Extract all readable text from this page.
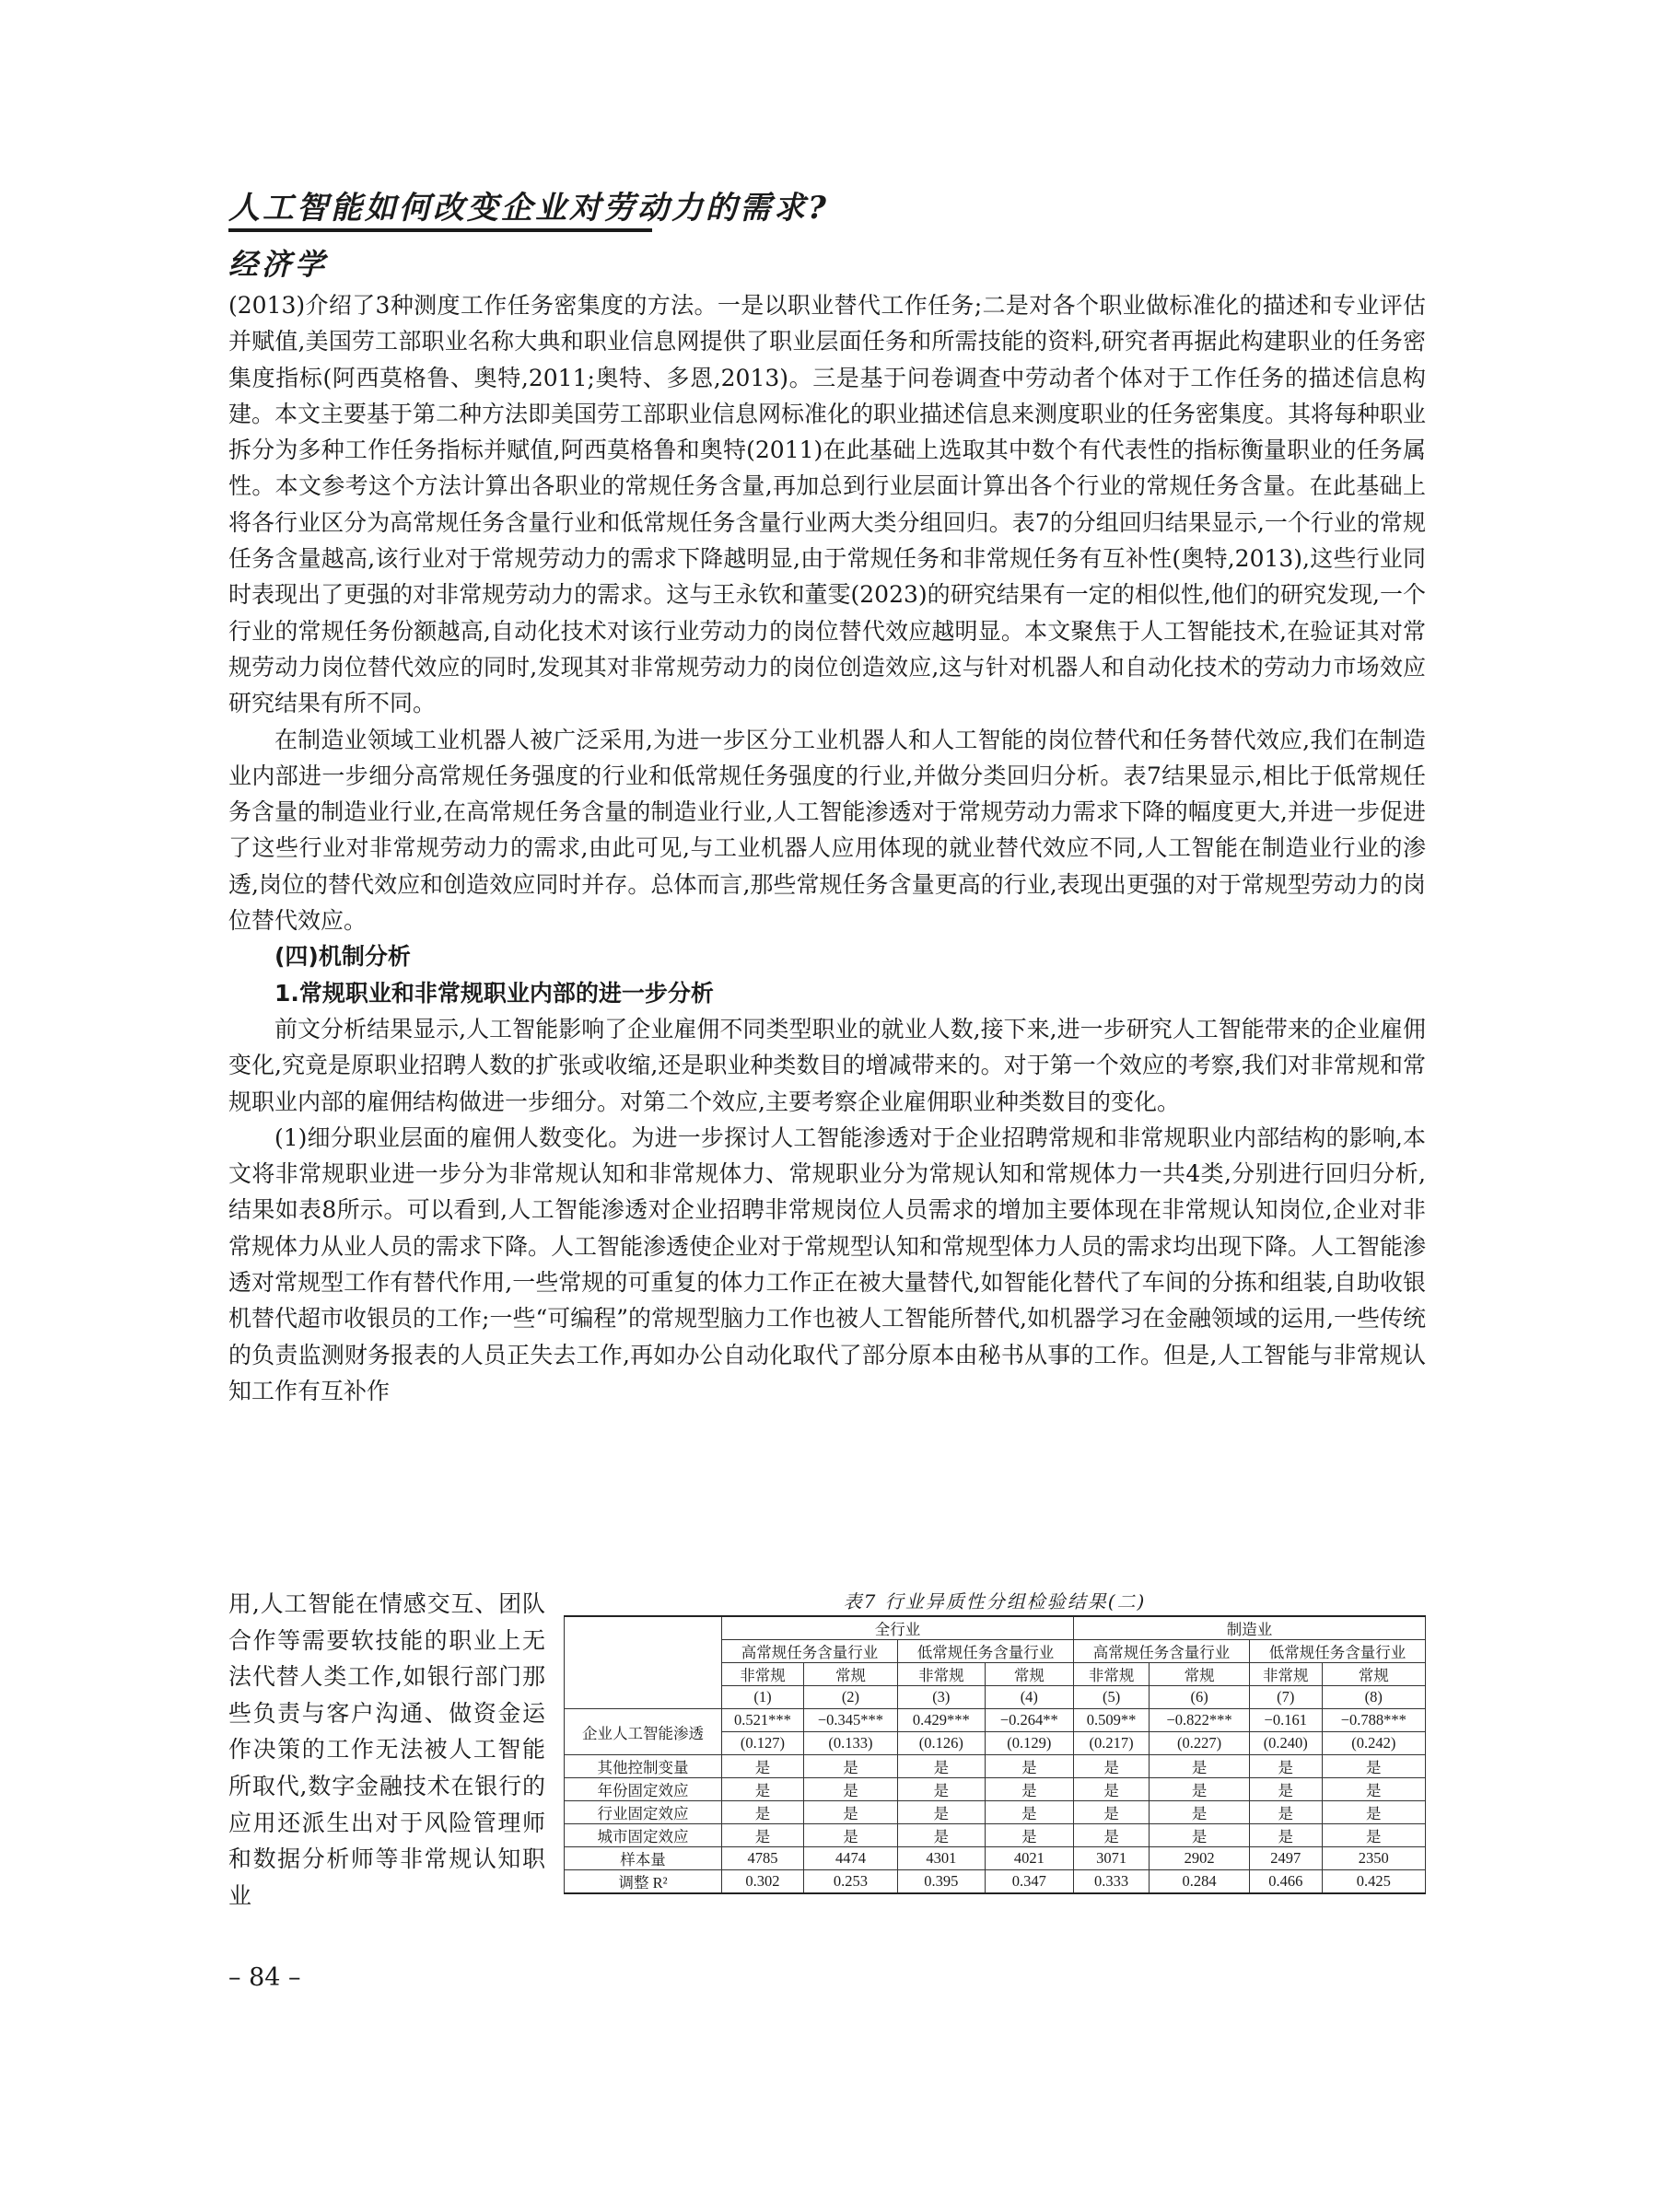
人工智能如何改变企业对劳动力的需求?
经济学

(2013)介绍了3种测度工作任务密集度的方法。一是以职业替代工作任务;二是对各个职业做标准化的描述和专业评估并赋值,美国劳工部职业名称大典和职业信息网提供了职业层面任务和所需技能的资料,研究者再据此构建职业的任务密集度指标(阿西莫格鲁、奥特,2011;奥特、多恩,2013)。三是基于问卷调查中劳动者个体对于工作任务的描述信息构建。本文主要基于第二种方法即美国劳工部职业信息网标准化的职业描述信息来测度职业的任务密集度。其将每种职业拆分为多种工作任务指标并赋值,阿西莫格鲁和奥特(2011)在此基础上选取其中数个有代表性的指标衡量职业的任务属性。本文参考这个方法计算出各职业的常规任务含量,再加总到行业层面计算出各个行业的常规任务含量。在此基础上将各行业区分为高常规任务含量行业和低常规任务含量行业两大类分组回归。表7的分组回归结果显示,一个行业的常规任务含量越高,该行业对于常规劳动力的需求下降越明显,由于常规任务和非常规任务有互补性(奥特,2013),这些行业同时表现出了更强的对非常规劳动力的需求。这与王永钦和董雯(2023)的研究结果有一定的相似性,他们的研究发现,一个行业的常规任务份额越高,自动化技术对该行业劳动力的岗位替代效应越明显。本文聚焦于人工智能技术,在验证其对常规劳动力岗位替代效应的同时,发现其对非常规劳动力的岗位创造效应,这与针对机器人和自动化技术的劳动力市场效应研究结果有所不同。

在制造业领域工业机器人被广泛采用,为进一步区分工业机器人和人工智能的岗位替代和任务替代效应,我们在制造业内部进一步细分高常规任务强度的行业和低常规任务强度的行业,并做分类回归分析。表7结果显示,相比于低常规任务含量的制造业行业,在高常规任务含量的制造业行业,人工智能渗透对于常规劳动力需求下降的幅度更大,并进一步促进了这些行业对非常规劳动力的需求,由此可见,与工业机器人应用体现的就业替代效应不同,人工智能在制造业行业的渗透,岗位的替代效应和创造效应同时并存。总体而言,那些常规任务含量更高的行业,表现出更强的对于常规型劳动力的岗位替代效应。

(四)机制分析
1.常规职业和非常规职业内部的进一步分析

前文分析结果显示,人工智能影响了企业雇佣不同类型职业的就业人数,接下来,进一步研究人工智能带来的企业雇佣变化,究竟是原职业招聘人数的扩张或收缩,还是职业种类数目的增减带来的。对于第一个效应的考察,我们对非常规和常规职业内部的雇佣结构做进一步细分。对第二个效应,主要考察企业雇佣职业种类数目的变化。

(1)细分职业层面的雇佣人数变化。为进一步探讨人工智能渗透对于企业招聘常规和非常规职业内部结构的影响,本文将非常规职业进一步分为非常规认知和非常规体力、常规职业分为常规认知和常规体力一共4类,分别进行回归分析,结果如表8所示。可以看到,人工智能渗透对企业招聘非常规岗位人员需求的增加主要体现在非常规认知岗位,企业对非常规体力从业人员的需求下降。人工智能渗透使企业对于常规型认知和常规型体力人员的需求均出现下降。人工智能渗透对常规型工作有替代作用,一些常规的可重复的体力工作正在被大量替代,如智能化替代了车间的分拣和组装,自助收银机替代超市收银员的工作;一些“可编程”的常规型脑力工作也被人工智能所替代,如机器学习在金融领域的运用,一些传统的负责监测财务报表的人员正失去工作,再如办公自动化取代了部分原本由秘书从事的工作。但是,人工智能与非常规认知工作有互补作

用,人工智能在情感交互、团队合作等需要软技能的职业上无法代替人类工作,如银行部门那些负责与客户沟通、做资金运作决策的工作无法被人工智能所取代,数字金融技术在银行的应用还派生出对于风险管理师和数据分析师等非常规认知职业
表7 行业异质性分组检验结果(二)
	全行业				制造业			
	高常规任务含量行业		低常规任务含量行业		高常规任务含量行业		低常规任务含量行业	
	非常规	常规	非常规	常规	非常规	常规	非常规	常规
	(1)	(2)	(3)	(4)	(5)	(6)	(7)	(8)
企业人工智能渗透	0.521***	−0.345***	0.429***	−0.264**	0.509**	−0.822***	−0.161	−0.788***
	(0.127)	(0.133)	(0.126)	(0.129)	(0.217)	(0.227)	(0.240)	(0.242)
其他控制变量	是	是	是	是	是	是	是	是
年份固定效应	是	是	是	是	是	是	是	是
行业固定效应	是	是	是	是	是	是	是	是
城市固定效应	是	是	是	是	是	是	是	是
样本量	4785	4474	4301	4021	3071	2902	2497	2350
调整 R²	0.302	0.253	0.395	0.347	0.333	0.284	0.466	0.425
– 84 –
